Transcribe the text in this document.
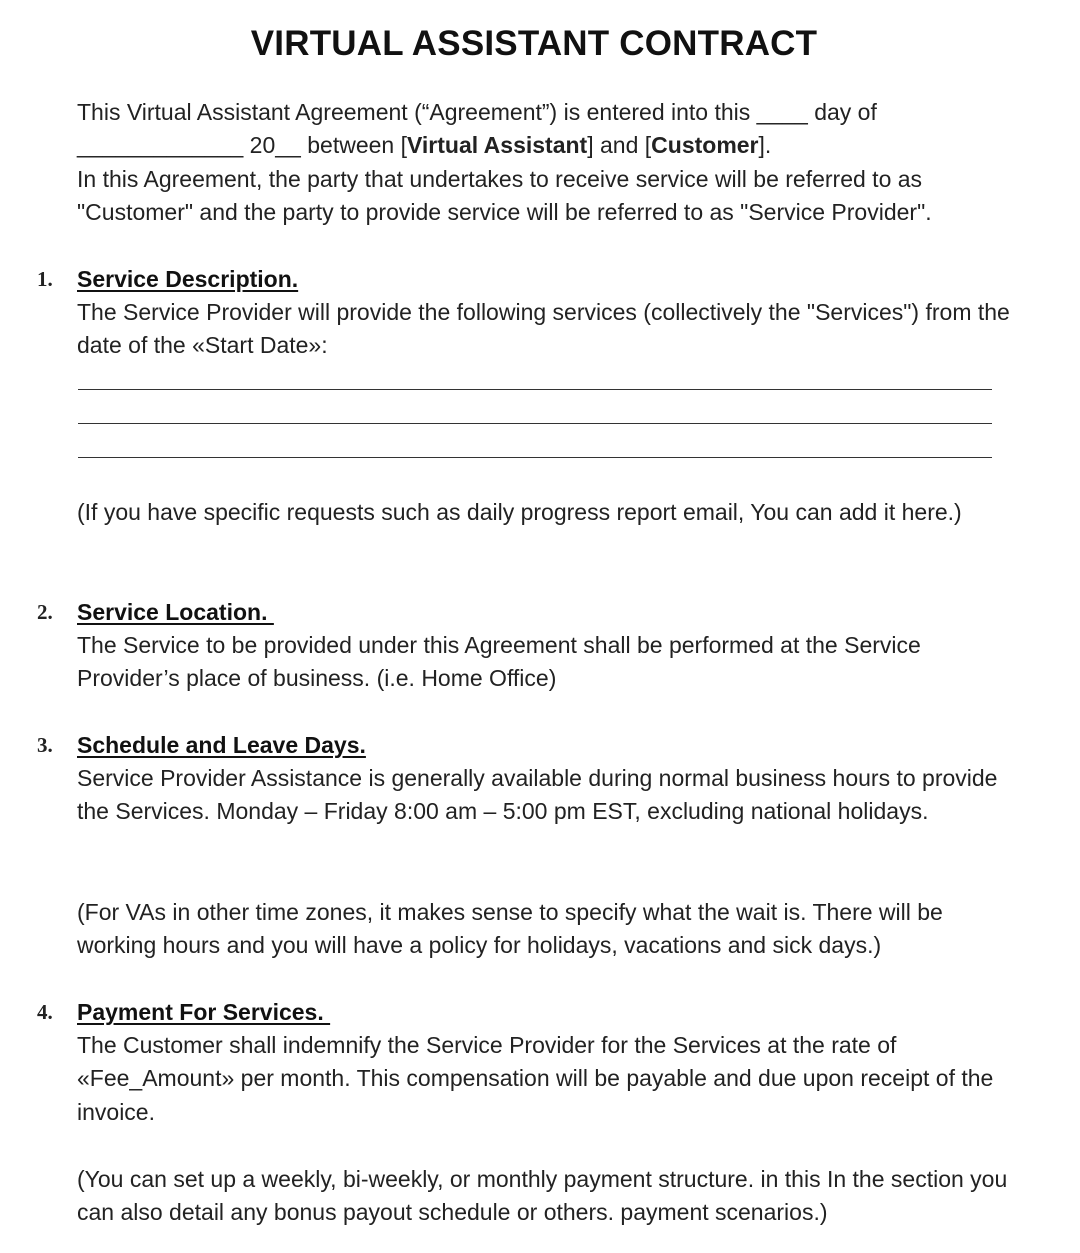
VIRTUAL ASSISTANT CONTRACT
This Virtual Assistant Agreement (“Agreement”) is entered into this ____ day of
_____________ 20__ between [Virtual Assistant] and [Customer].
In this Agreement, the party that undertakes to receive service will be referred to as "Customer" and the party to provide service will be referred to as "Service Provider".
1. Service Description.
The Service Provider will provide the following services (collectively the "Services") from the date of the «Start Date»:
(If you have specific requests such as daily progress report email, You can add it here.)
2. Service Location.
The Service to be provided under this Agreement shall be performed at the Service Provider’s place of business. (i.e. Home Office)
3. Schedule and Leave Days.
Service Provider Assistance is generally available during normal business hours to provide the Services. Monday – Friday 8:00 am – 5:00 pm EST, excluding national holidays.
(For VAs in other time zones, it makes sense to specify what the wait is. There will be working hours and you will have a policy for holidays, vacations and sick days.)
4. Payment For Services.
The Customer shall indemnify the Service Provider for the Services at the rate of «Fee_Amount» per month. This compensation will be payable and due upon receipt of the invoice.
(You can set up a weekly, bi-weekly, or monthly payment structure. in this In the section you can also detail any bonus payout schedule or others. payment scenarios.)
